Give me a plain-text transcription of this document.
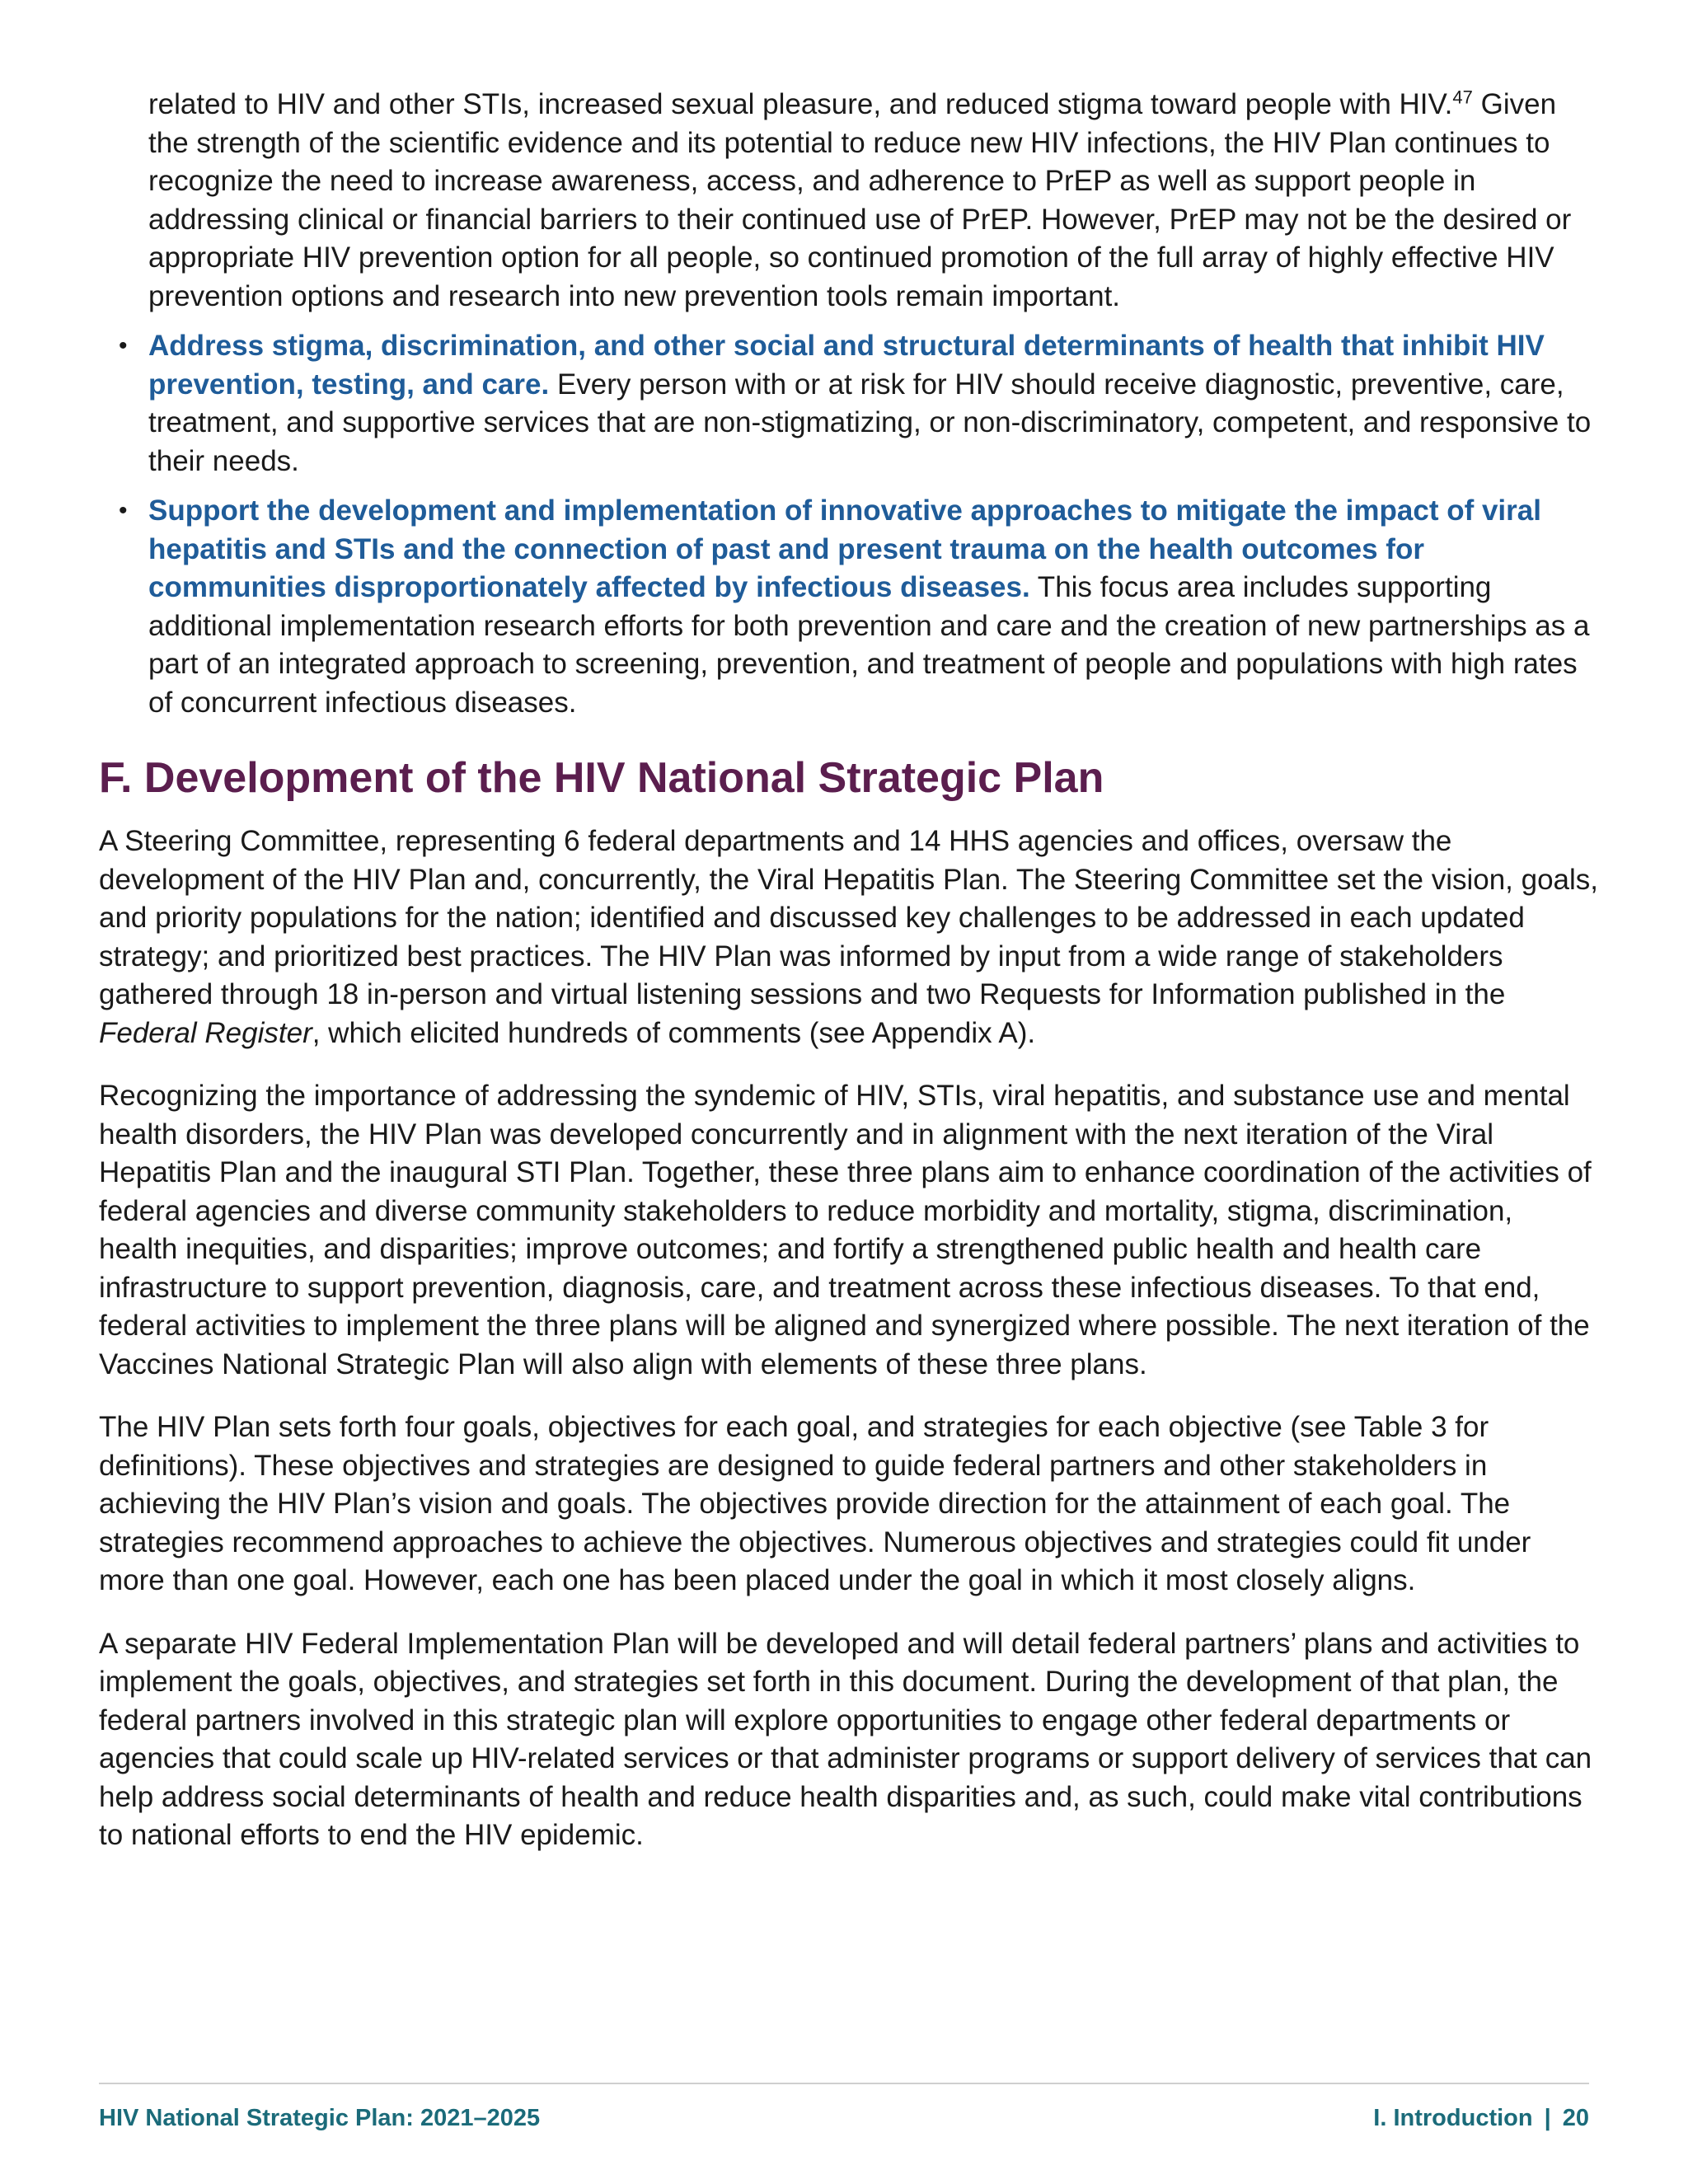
related to HIV and other STIs, increased sexual pleasure, and reduced stigma toward people with HIV.$^{47}$ Given the strength of the scientific evidence and its potential to reduce new HIV infections, the HIV Plan continues to recognize the need to increase awareness, access, and adherence to PrEP as well as support people in addressing clinical or financial barriers to their continued use of PrEP. However, PrEP may not be the desired or appropriate HIV prevention option for all people, so continued promotion of the full array of highly effective HIV prevention options and research into new prevention tools remain important.

• Address stigma, discrimination, and other social and structural determinants of health that inhibit HIV prevention, testing, and care. Every person with or at risk for HIV should receive diagnostic, preventive, care, treatment, and supportive services that are non-stigmatizing, or non-discriminatory, competent, and responsive to their needs.
• Support the development and implementation of innovative approaches to mitigate the impact of viral hepatitis and STIs and the connection of past and present trauma on the health outcomes for communities disproportionately affected by infectious diseases. This focus area includes supporting additional implementation research efforts for both prevention and care and the creation of new partnerships as a part of an integrated approach to screening, prevention, and treatment of people and populations with high rates of concurrent infectious diseases.
F. Development of the HIV National Strategic Plan

A Steering Committee, representing 6 federal departments and 14 HHS agencies and offices, oversaw the development of the HIV Plan and, concurrently, the Viral Hepatitis Plan. The Steering Committee set the vision, goals, and priority populations for the nation; identified and discussed key challenges to be addressed in each updated strategy; and prioritized best practices. The HIV Plan was informed by input from a wide range of stakeholders gathered through 18 in-person and virtual listening sessions and two Requests for Information published in the Federal Register, which elicited hundreds of comments (see Appendix A).

Recognizing the importance of addressing the syndemic of HIV, STIs, viral hepatitis, and substance use and mental health disorders, the HIV Plan was developed concurrently and in alignment with the next iteration of the Viral Hepatitis Plan and the inaugural STI Plan. Together, these three plans aim to enhance coordination of the activities of federal agencies and diverse community stakeholders to reduce morbidity and mortality, stigma, discrimination, health inequities, and disparities; improve outcomes; and fortify a strengthened public health and health care infrastructure to support prevention, diagnosis, care, and treatment across these infectious diseases. To that end, federal activities to implement the three plans will be aligned and synergized where possible. The next iteration of the Vaccines National Strategic Plan will also align with elements of these three plans.

The HIV Plan sets forth four goals, objectives for each goal, and strategies for each objective (see Table 3 for definitions). These objectives and strategies are designed to guide federal partners and other stakeholders in achieving the HIV Plan’s vision and goals. The objectives provide direction for the attainment of each goal. The strategies recommend approaches to achieve the objectives. Numerous objectives and strategies could fit under more than one goal. However, each one has been placed under the goal in which it most closely aligns.

A separate HIV Federal Implementation Plan will be developed and will detail federal partners’ plans and activities to implement the goals, objectives, and strategies set forth in this document. During the development of that plan, the federal partners involved in this strategic plan will explore opportunities to engage other federal departments or agencies that could scale up HIV-related services or that administer programs or support delivery of services that can help address social determinants of health and reduce health disparities and, as such, could make vital contributions to national efforts to end the HIV epidemic.

HIV National Strategic Plan: 2021–2025	I. Introduction | 20
